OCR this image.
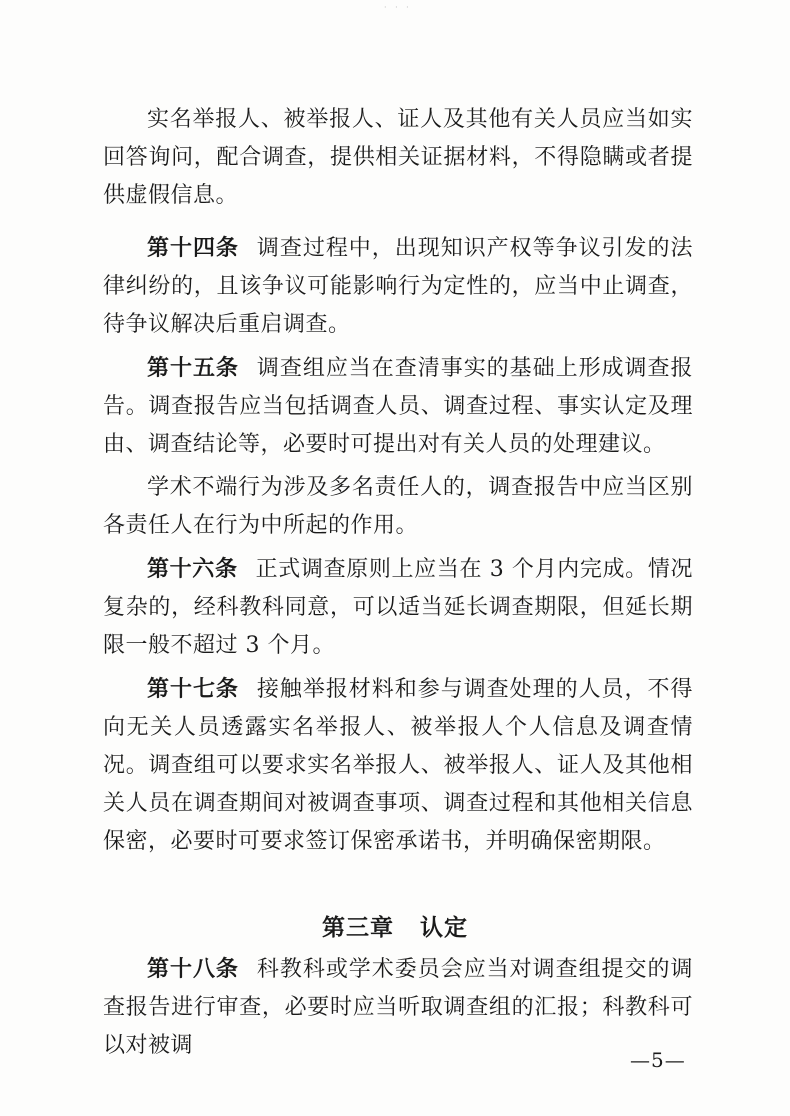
· · ·
实名举报人、被举报人、证人及其他有关人员应当如实回答询问，配合调查，提供相关证据材料，不得隐瞒或者提供虚假信息。
第十四条 调查过程中，出现知识产权等争议引发的法律纠纷的，且该争议可能影响行为定性的，应当中止调查，待争议解决后重启调查。
第十五条 调查组应当在查清事实的基础上形成调查报告。调查报告应当包括调查人员、调查过程、事实认定及理由、调查结论等，必要时可提出对有关人员的处理建议。
学术不端行为涉及多名责任人的，调查报告中应当区别各责任人在行为中所起的作用。
第十六条 正式调查原则上应当在 3 个月内完成。情况复杂的，经科教科同意，可以适当延长调查期限，但延长期限一般不超过 3 个月。
第十七条 接触举报材料和参与调查处理的人员，不得向无关人员透露实名举报人、被举报人个人信息及调查情况。调查组可以要求实名举报人、被举报人、证人及其他相关人员在调查期间对被调查事项、调查过程和其他相关信息保密，必要时可要求签订保密承诺书，并明确保密期限。
第三章 认定
第十八条 科教科或学术委员会应当对调查组提交的调查报告进行审查，必要时应当听取调查组的汇报；科教科可以对被调
—5—
